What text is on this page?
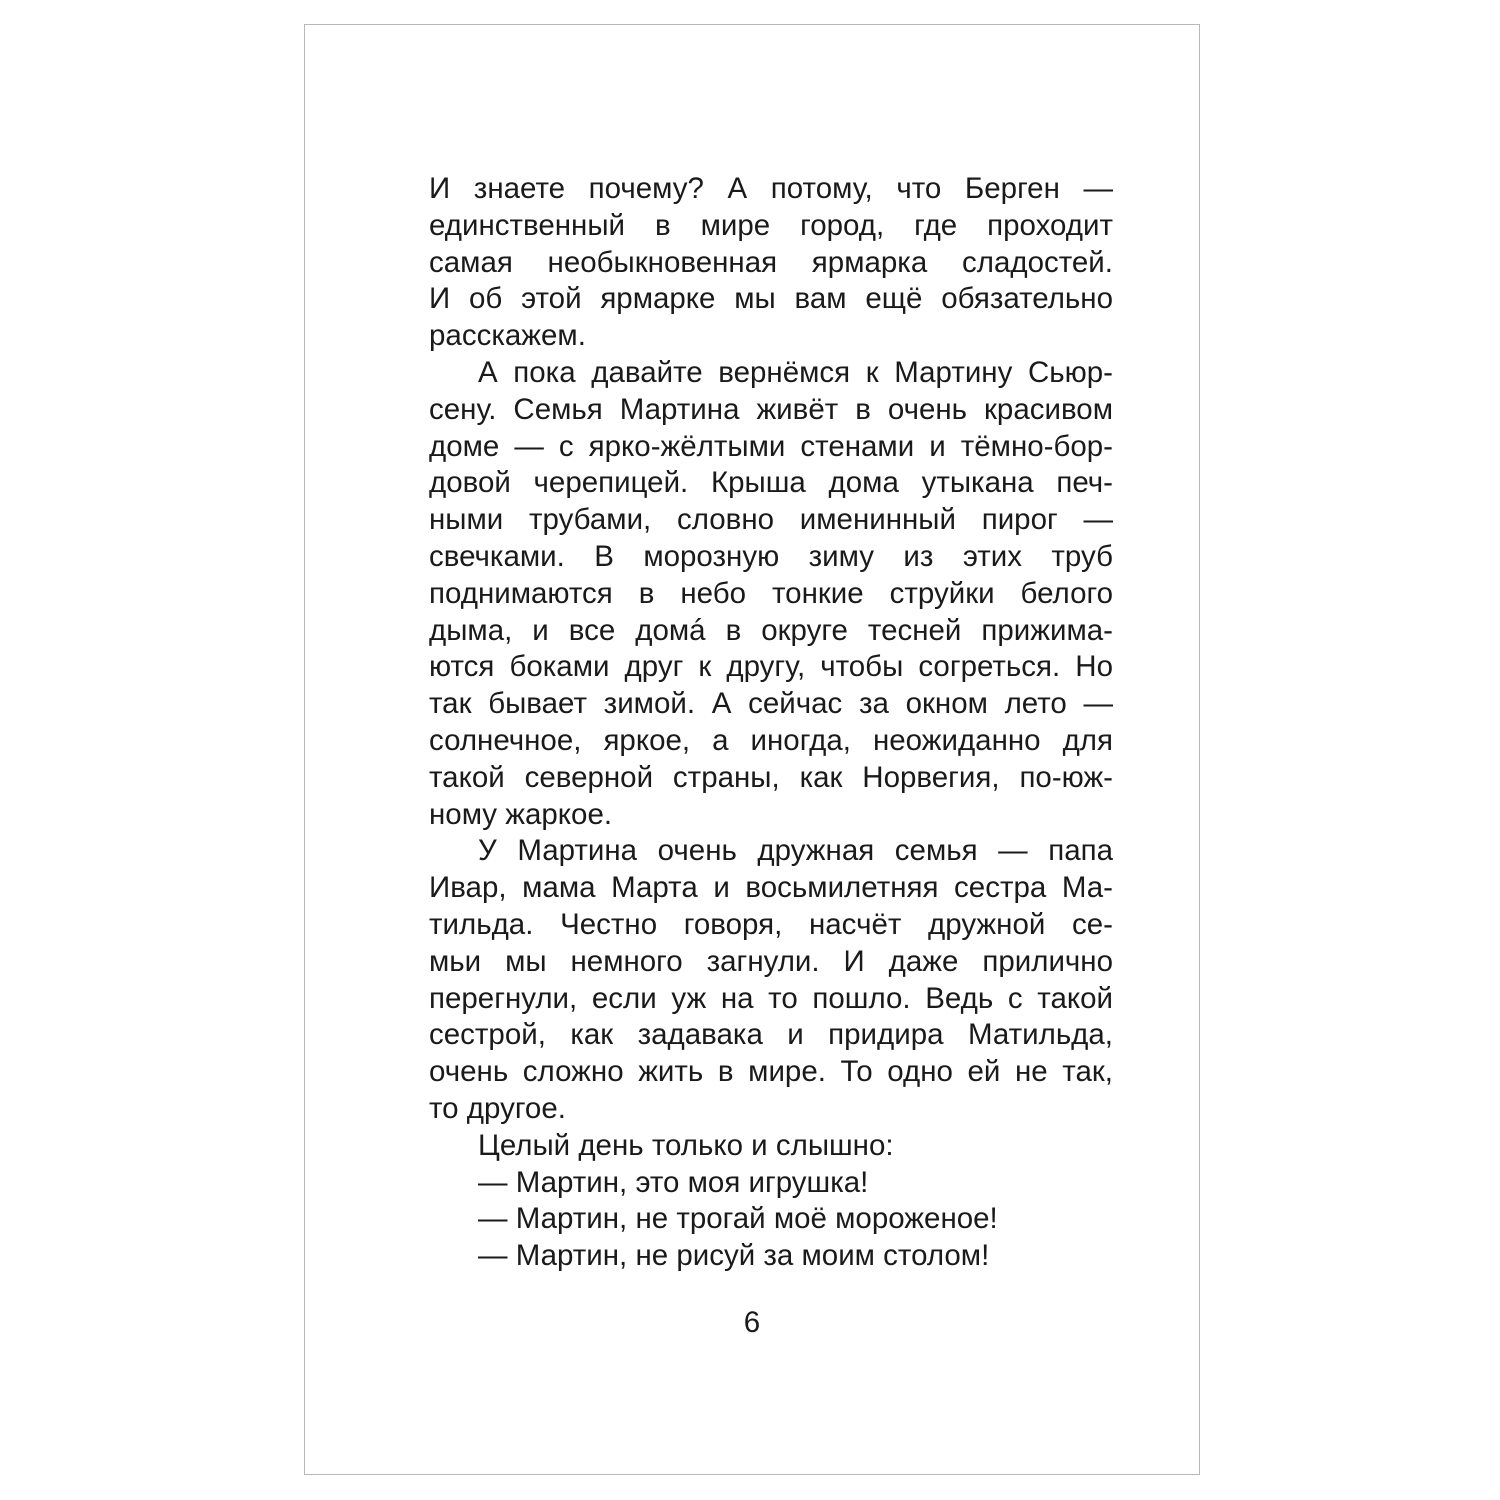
И знаете почему? А потому, что Берген —
единственный в мире город, где проходит
самая необыкновенная ярмарка сладостей.
И об этой ярмарке мы вам ещё обязательно
расскажем.
А пока давайте вернёмся к Мартину Сьюр-
сену. Семья Мартина живёт в очень красивом
доме — с ярко-жёлтыми стенами и тёмно-бор-
довой черепицей. Крыша дома утыкана печ-
ными трубами, словно именинный пирог —
свечками. В морозную зиму из этих труб
поднимаются в небо тонкие струйки белого
дыма, и все домá в округе тесней прижима-
ются боками друг к другу, чтобы согреться. Но
так бывает зимой. А сейчас за окном лето —
солнечное, яркое, а иногда, неожиданно для
такой северной страны, как Норвегия, по-юж-
ному жаркое.
У Мартина очень дружная семья — папа
Ивар, мама Марта и восьмилетняя сестра Ма-
тильда. Честно говоря, насчёт дружной се-
мьи мы немного загнули. И даже прилично
перегнули, если уж на то пошло. Ведь с такой
сестрой, как задавака и придира Матильда,
очень сложно жить в мире. То одно ей не так,
то другое.
Целый день только и слышно:
— Мартин, это моя игрушка!
— Мартин, не трогай моё мороженое!
— Мартин, не рисуй за моим столом!
6
